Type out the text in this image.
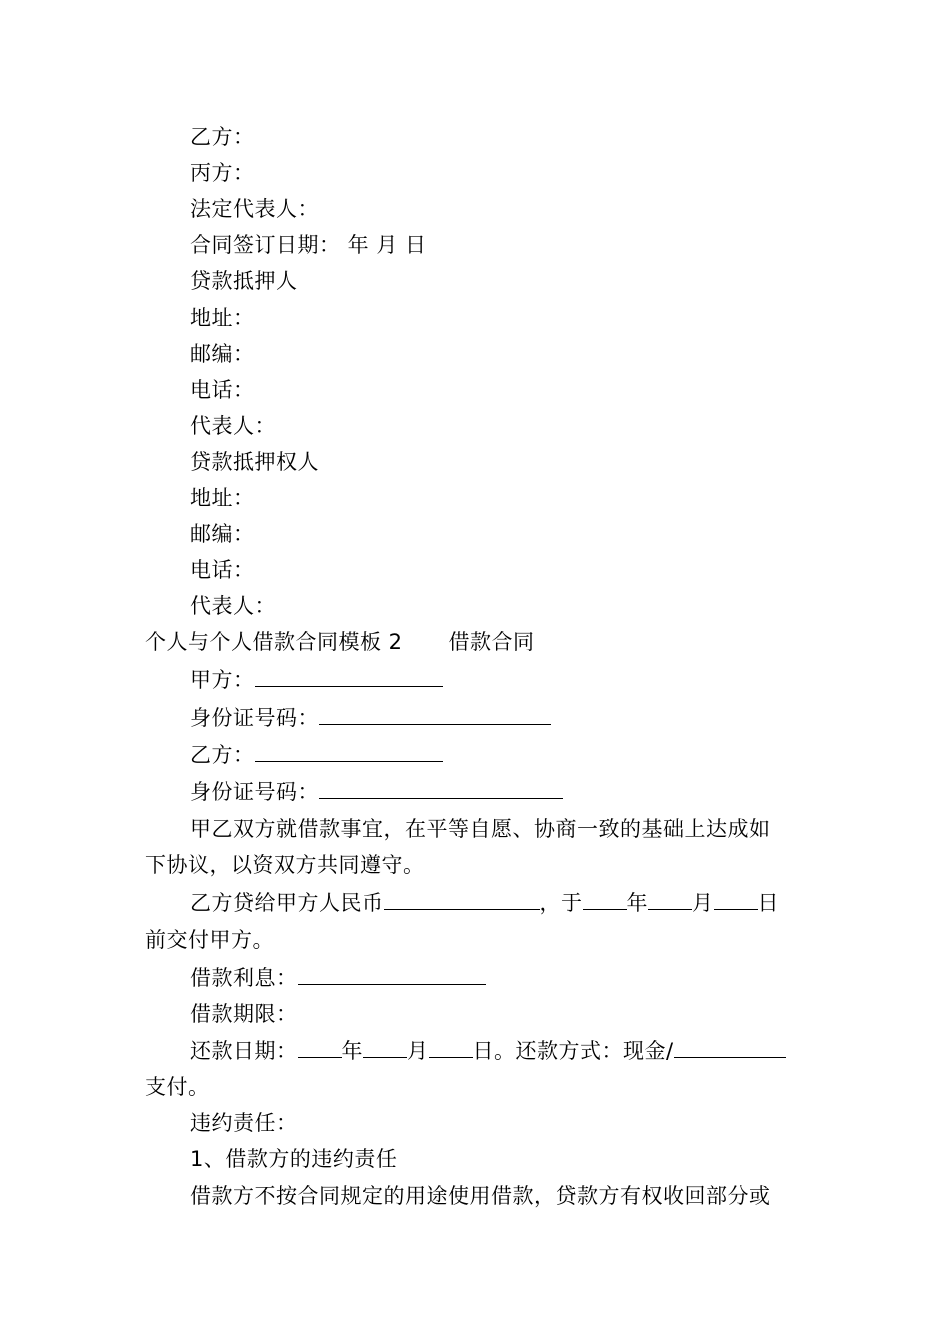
乙方：
丙方：
法定代表人：
合同签订日期： 年 月 日
贷款抵押人
地址：
邮编：
电话：
代表人：
贷款抵押权人
地址：
邮编：
电话：
代表人：
个人与个人借款合同模板 2 借款合同
甲方：
身份证号码：
乙方：
身份证号码：
甲乙双方就借款事宜，在平等自愿、协商一致的基础上达成如
下协议，以资双方共同遵守。
乙方贷给甲方人民币	，于 年 月 日
前交付甲方。
借款利息：
借款期限：
还款日期： 年 月 日。还款方式：现金/
支付。
违约责任：
1、借款方的违约责任
借款方不按合同规定的用途使用借款，贷款方有权收回部分或
